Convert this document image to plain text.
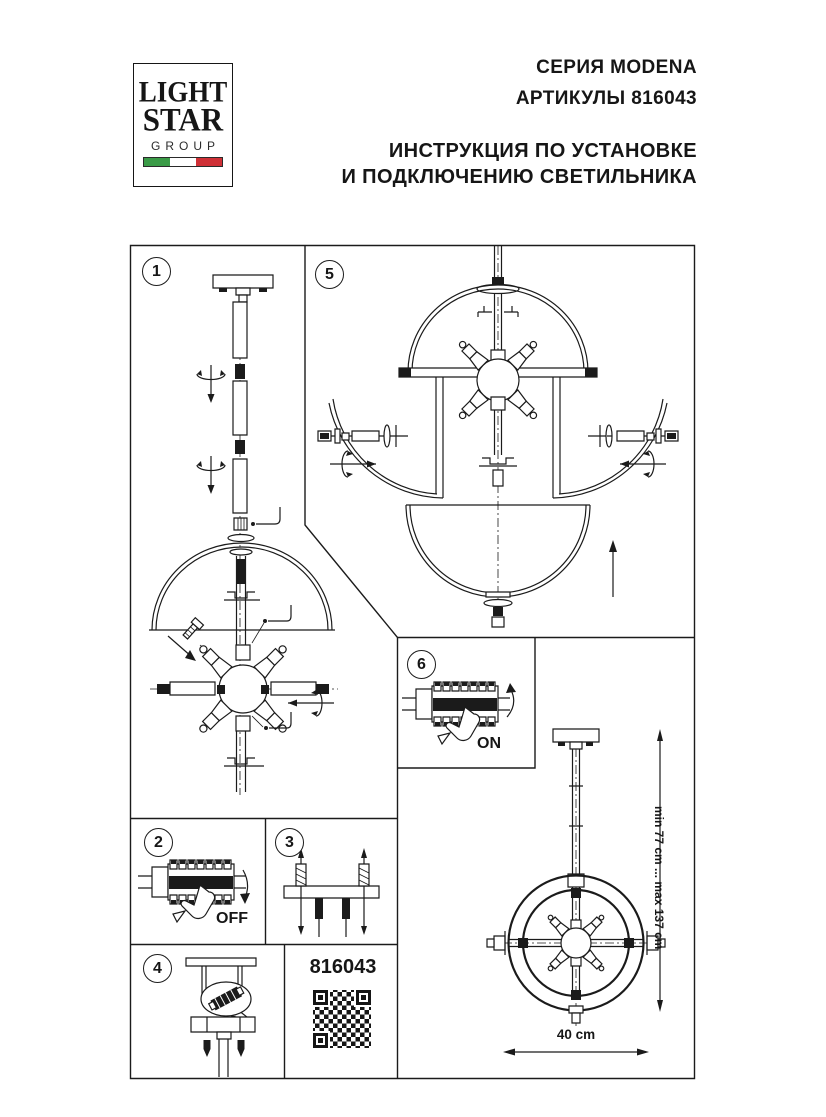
LIGHT
STAR
GROUP
СЕРИЯ MODENA
АРТИКУЛЫ 816043
ИНСТРУКЦИЯ ПО УСТАНОВКЕ
И ПОДКЛЮЧЕНИЮ СВЕТИЛЬНИКА
1	5
6
2	3
4
ON
OFF
816043
40 cm
min 77 cm ... max 137 cm
